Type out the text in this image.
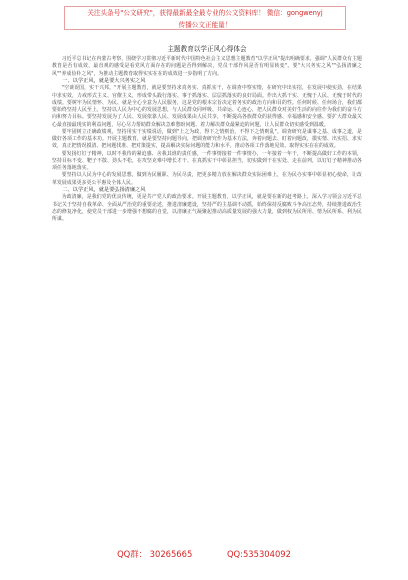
关注头条号"公文研究"，获得最新最全最专业的公文资料库！ 微信：gongwenyj
传播公文正能量！
主题教育以学正风心得体会

习近平总书记在内蒙古考察，围绕学习贯彻习近平新时代中国特色社会主义思想主题教育"以学正风"提出明确要求，强调"人民群众有主题教育是否有成效，最直观的感受是看党风方面存在的问题是否得到解决，党员干部作风是否有明显转变"。要"大兴务实之风""弘扬清廉之风""养成俭朴之风"，为推动主题教育取得实实在在的成效进一步指明了方向。

一、以学正风，就是要大兴务实之风

"空谈误国，实干兴邦。"开展主题教育，就是要坚持求真务实、真抓实干，在调查中察实情，在研究中出实招，在发展中使实劲，在结果中求实效，力戒形式主义、官僚主义，形成带头践行落实、事于抓落实、层层抓落实的良好局面。作出大抓干实、无愧于人民、无愧于时代的成绩。要树牢为民情怀、为民、就是全心全意为人民服务，这是党的根本宗旨决定着务实的政治方向和目的性。任何时候、任何场合，我们都要始终坚持人民至上，坚持以人民为中心的发展思想，与人民群众同呼吸、共命运、心连心，把人民群众对美好生活的向往作为我们的奋斗方向和努力目标。要坚持发展为了人民、发展依靠人民、发展成果由人民共享，不断提高各族群众的获得感、幸福感和安全感。要扩大群众最关心最直接最现实的利益问题，尽心尽力帮助群众解决急难愁盼问题、着力解决群众最紧迫的问题，让人民群众切实感受到温暖。

要牢固树立正确政绩观，坚持用实干实绩说话，做到"上之为政，得下之情则治，不得下之情则乱"。调查研究是谋事之基、成事之道，是做好各项工作的基本功。开展主题教育，就是要坚持问题导向，把调查研究作为基本方法，奔着问题去、盯着问题改，摸实情、出实招、求实效，真正把情况摸清、把问题找准、把对策提实，提高解决实际问题的能力和水平，推动各项工作落地见效、取得实实在在的成效。

要发扬钉钉子精神，以时不我待的紧迫感、舍我其谁的责任感，一件事情接着一件事情办，一年接着一年干，不断提高做好工作的本领，坚持目标不变、靶子不散、劲头不松，在攻坚克难中增长才干、在真抓实干中彰显担当，切实做到干在实处、走在前列，以钉钉子精神推动各项任务落地落实。

要坚持以人民为中心的发展思想，做到为民履职、为民尽责，把更多精力放在解决群众实际困难上，在为民办实事中彰显初心使命，让改革发展成果更多更公平惠及全体人民。

二、以学正风，就是要弘扬清廉之风

为政清廉，是我们党的优良传统，更是共产党人的政治要求。开展主题教育，以学正风，就是要在新的赶考路上，深入学习领会习近平总书记关于坚持自我革命、全面从严治党的重要论述，推进清廉建设，坚持严的主基调不动摇，始终保持反腐败斗争高压态势，持续推进政治生态的修复净化，使党员干部进一步增强不想腐的自觉，以清廉正气凝聚起推动高质量发展的强大力量，做到权为民所用、情为民所系、利为民所谋。

QQ群： 30265665	QQ:535304092
